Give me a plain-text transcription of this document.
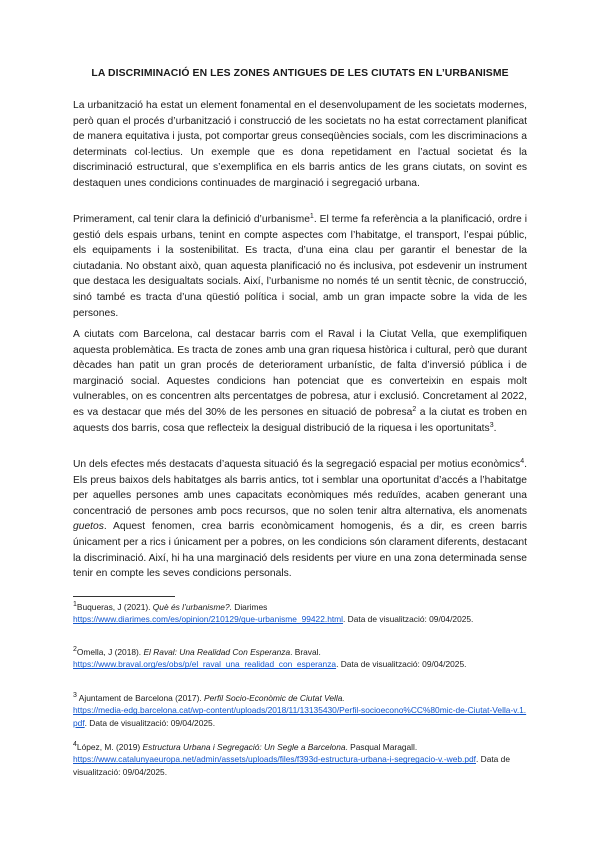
LA DISCRIMINACIÓ EN LES ZONES ANTIGUES DE LES CIUTATS EN L’URBANISME

La urbanització ha estat un element fonamental en el desenvolupament de les societats modernes, però quan el procés d’urbanització i construcció de les societats no ha estat correctament planificat de manera equitativa i justa, pot comportar greus conseqüències socials, com les discriminacions a determinats col·lectius. Un exemple que es dona repetidament en l’actual societat és la discriminació estructural, que s’exemplifica en els barris antics de les grans ciutats, on sovint es destaquen unes condicions continuades de marginació i segregació urbana.

Primerament, cal tenir clara la definició d’urbanisme$^1$. El terme fa referència a la planificació, ordre i gestió dels espais urbans, tenint en compte aspectes com l’habitatge, el transport, l’espai públic, els equipaments i la sostenibilitat. Es tracta, d’una eina clau per garantir el benestar de la ciutadania. No obstant això, quan aquesta planificació no és inclusiva, pot esdevenir un instrument que destaca les desigualtats socials. Així, l’urbanisme no només té un sentit tècnic, de construcció, sinó també es tracta d’una qüestió política i social, amb un gran impacte sobre la vida de les persones.

A ciutats com Barcelona, cal destacar barris com el Raval i la Ciutat Vella, que exemplifiquen aquesta problemàtica. Es tracta de zones amb una gran riquesa històrica i cultural, però que durant dècades han patit un gran procés de deteriorament urbanístic, de falta d’inversió pública i de marginació social. Aquestes condicions han potenciat que es converteixin en espais molt vulnerables, on es concentren alts percentatges de pobresa, atur i exclusió. Concretament al 2022, es va destacar que més del 30% de les persones en situació de pobresa$^2$ a la ciutat es troben en aquests dos barris, cosa que reflecteix la desigual distribució de la riquesa i les oportunitats$^3$.

Un dels efectes més destacats d’aquesta situació és la segregació espacial per motius econòmics$^4$. Els preus baixos dels habitatges als barris antics, tot i semblar una oportunitat d’accés a l’habitatge per aquelles persones amb unes capacitats econòmiques més reduïdes, acaben generant una concentració de persones amb pocs recursos, que no solen tenir altra alternativa, els anomenats guetos. Aquest fenomen, crea barris econòmicament homogenis, és a dir, es creen barris únicament per a rics i únicament per a pobres, on les condicions són clarament diferents, destacant la discriminació. Així, hi ha una marginació dels residents per viure en una zona determinada sense tenir en compte les seves condicions personals.

$^1$Buqueras, J (2021). Què és l’urbanisme?. Diarimes
https://www.diarimes.com/es/opinion/210129/que-urbanisme_99422.html. Data de visualització: 09/04/2025.

$^2$Omella, J (2018). El Raval: Una Realidad Con Esperanza. Braval.
https://www.braval.org/es/obs/p/el_raval_una_realidad_con_esperanza. Data de visualització: 09/04/2025.

$^3$ Ajuntament de Barcelona (2017). Perfil Socio-Econòmic de Ciutat Vella.
https://media-edg.barcelona.cat/wp-content/uploads/2018/11/13135430/Perfil-socioecono%CC%80mic-de-Ciutat-Vella-v.1.pdf. Data de visualització: 09/04/2025.

$^4$López, M. (2019) Estructura Urbana i Segregació: Un Segle a Barcelona. Pasqual Maragall.
https://www.catalunyaeuropa.net/admin/assets/uploads/files/f393d-estructura-urbana-i-segregacio-v.-web.pdf. Data de visualització: 09/04/2025.
